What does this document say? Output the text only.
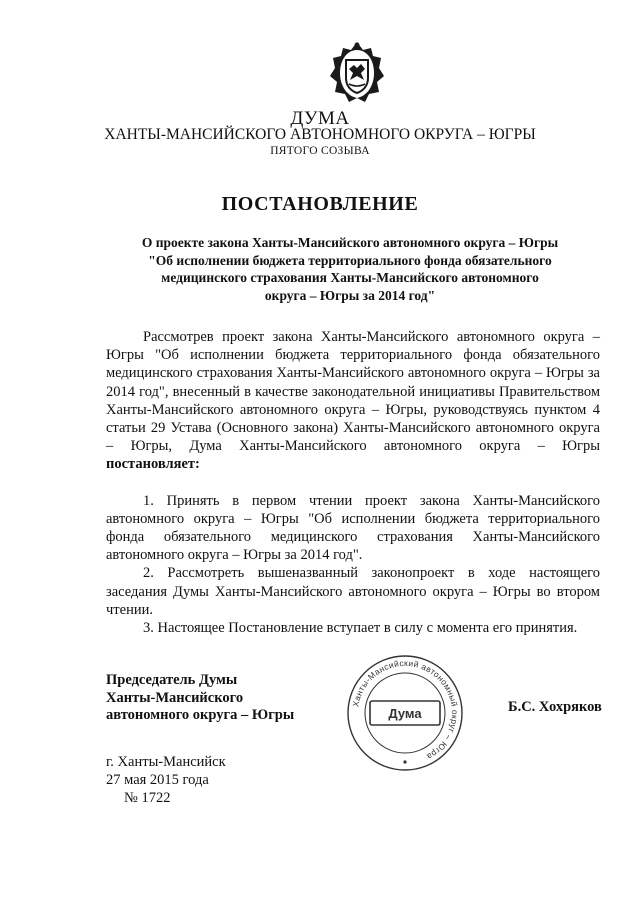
ДУМА
ХАНТЫ-МАНСИЙСКОГО АВТОНОМНОГО ОКРУГА – ЮГРЫ
ПЯТОГО СОЗЫВА
ПОСТАНОВЛЕНИЕ
О проекте закона Ханты-Мансийского автономного округа – Югры
"Об исполнении бюджета территориального фонда обязательного
медицинского страхования Ханты-Мансийского автономного
округа – Югры за 2014 год"

Рассмотрев проект закона Ханты-Мансийского автономного округа – Югры "Об исполнении бюджета территориального фонда обязательного медицинского страхования Ханты-Мансийского автономного округа – Югры за 2014 год", внесенный в качестве законодательной инициативы Правительством Ханты-Мансийского автономного округа – Югры, руководствуясь пунктом 4 статьи 29 Устава (Основного закона) Ханты-Мансийского автономного округа – Югры, Дума Ханты-Мансийского автономного округа – Югры постановляет:

1. Принять в первом чтении проект закона Ханты-Мансийского автономного округа – Югры "Об исполнении бюджета территориального фонда обязательного медицинского страхования Ханты-Мансийского автономного округа – Югры за 2014 год".

2. Рассмотреть вышеназванный законопроект в ходе настоящего заседания Думы Ханты-Мансийского автономного округа – Югры во втором чтении.

3. Настоящее Постановление вступает в силу с момента его принятия.

Председатель Думы
Ханты-Мансийского
автономного округа – Югры
Ханты-Мансийский автономный округ – Югра
Дума	Б.С. Хохряков
г. Ханты-Мансийск
27 мая 2015 года
№ 1722
